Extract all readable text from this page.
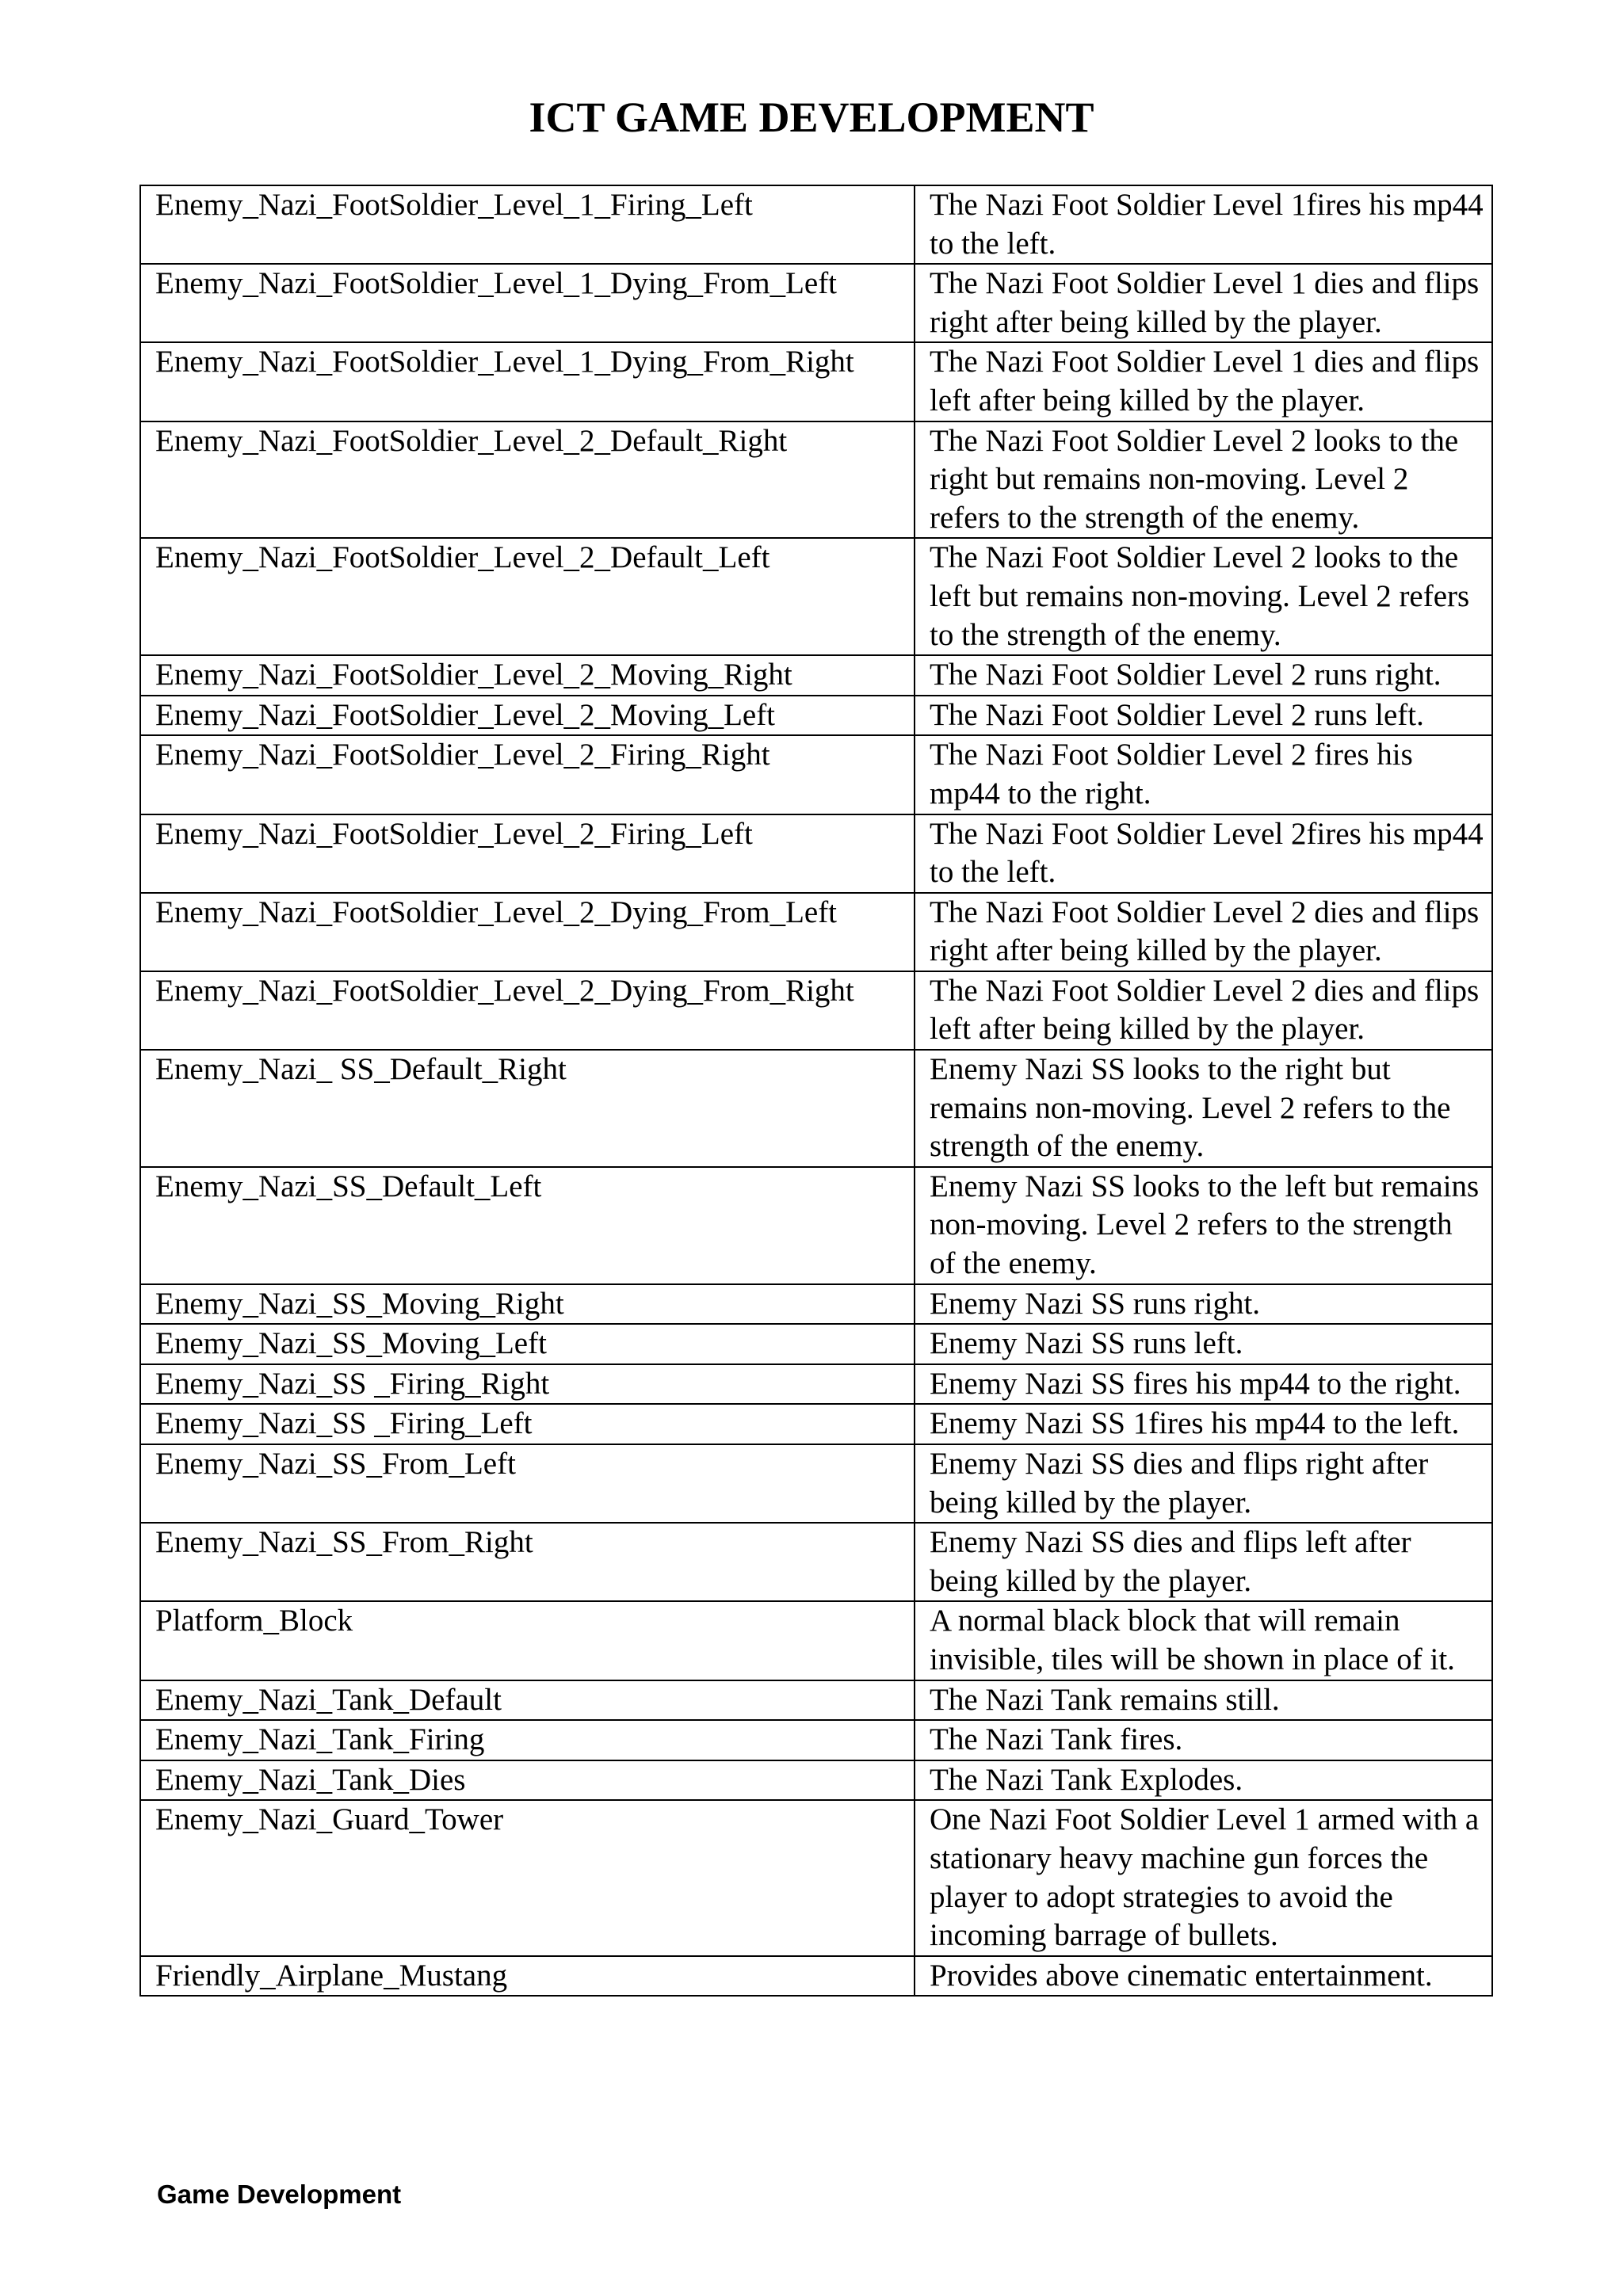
ICT GAME DEVELOPMENT
Enemy_Nazi_FootSoldier_Level_1_Firing_Left	The Nazi Foot Soldier Level 1fires his mp44 to the left.
Enemy_Nazi_FootSoldier_Level_1_Dying_From_Left	The Nazi Foot Soldier Level 1 dies and flips right after being killed by the player.
Enemy_Nazi_FootSoldier_Level_1_Dying_From_Right	The Nazi Foot Soldier Level 1 dies and flips left after being killed by the player.
Enemy_Nazi_FootSoldier_Level_2_Default_Right	The Nazi Foot Soldier Level 2 looks to the right but remains non-moving. Level 2 refers to the strength of the enemy.
Enemy_Nazi_FootSoldier_Level_2_Default_Left	The Nazi Foot Soldier Level 2 looks to the left but remains non-moving. Level 2 refers to the strength of the enemy.
Enemy_Nazi_FootSoldier_Level_2_Moving_Right	The Nazi Foot Soldier Level 2 runs right.
Enemy_Nazi_FootSoldier_Level_2_Moving_Left	The Nazi Foot Soldier Level 2 runs left.
Enemy_Nazi_FootSoldier_Level_2_Firing_Right	The Nazi Foot Soldier Level 2 fires his mp44 to the right.
Enemy_Nazi_FootSoldier_Level_2_Firing_Left	The Nazi Foot Soldier Level 2fires his mp44 to the left.
Enemy_Nazi_FootSoldier_Level_2_Dying_From_Left	The Nazi Foot Soldier Level 2 dies and flips right after being killed by the player.
Enemy_Nazi_FootSoldier_Level_2_Dying_From_Right	The Nazi Foot Soldier Level 2 dies and flips left after being killed by the player.
Enemy_Nazi_ SS_Default_Right	Enemy Nazi SS looks to the right but remains non-moving. Level 2 refers to the strength of the enemy.
Enemy_Nazi_SS_Default_Left	Enemy Nazi SS looks to the left but remains non-moving. Level 2 refers to the strength of the enemy.
Enemy_Nazi_SS_Moving_Right	Enemy Nazi SS runs right.
Enemy_Nazi_SS_Moving_Left	Enemy Nazi SS runs left.
Enemy_Nazi_SS _Firing_Right	Enemy Nazi SS fires his mp44 to the right.
Enemy_Nazi_SS _Firing_Left	Enemy Nazi SS 1fires his mp44 to the left.
Enemy_Nazi_SS_From_Left	Enemy Nazi SS dies and flips right after being killed by the player.
Enemy_Nazi_SS_From_Right	Enemy Nazi SS dies and flips left after being killed by the player.
Platform_Block	A normal black block that will remain invisible, tiles will be shown in place of it.
Enemy_Nazi_Tank_Default	The Nazi Tank remains still.
Enemy_Nazi_Tank_Firing	The Nazi Tank fires.
Enemy_Nazi_Tank_Dies	The Nazi Tank Explodes.
Enemy_Nazi_Guard_Tower	One Nazi Foot Soldier Level 1 armed with a stationary heavy machine gun forces the player to adopt strategies to avoid the incoming barrage of bullets.
Friendly_Airplane_Mustang	Provides above cinematic entertainment.
Game Development
